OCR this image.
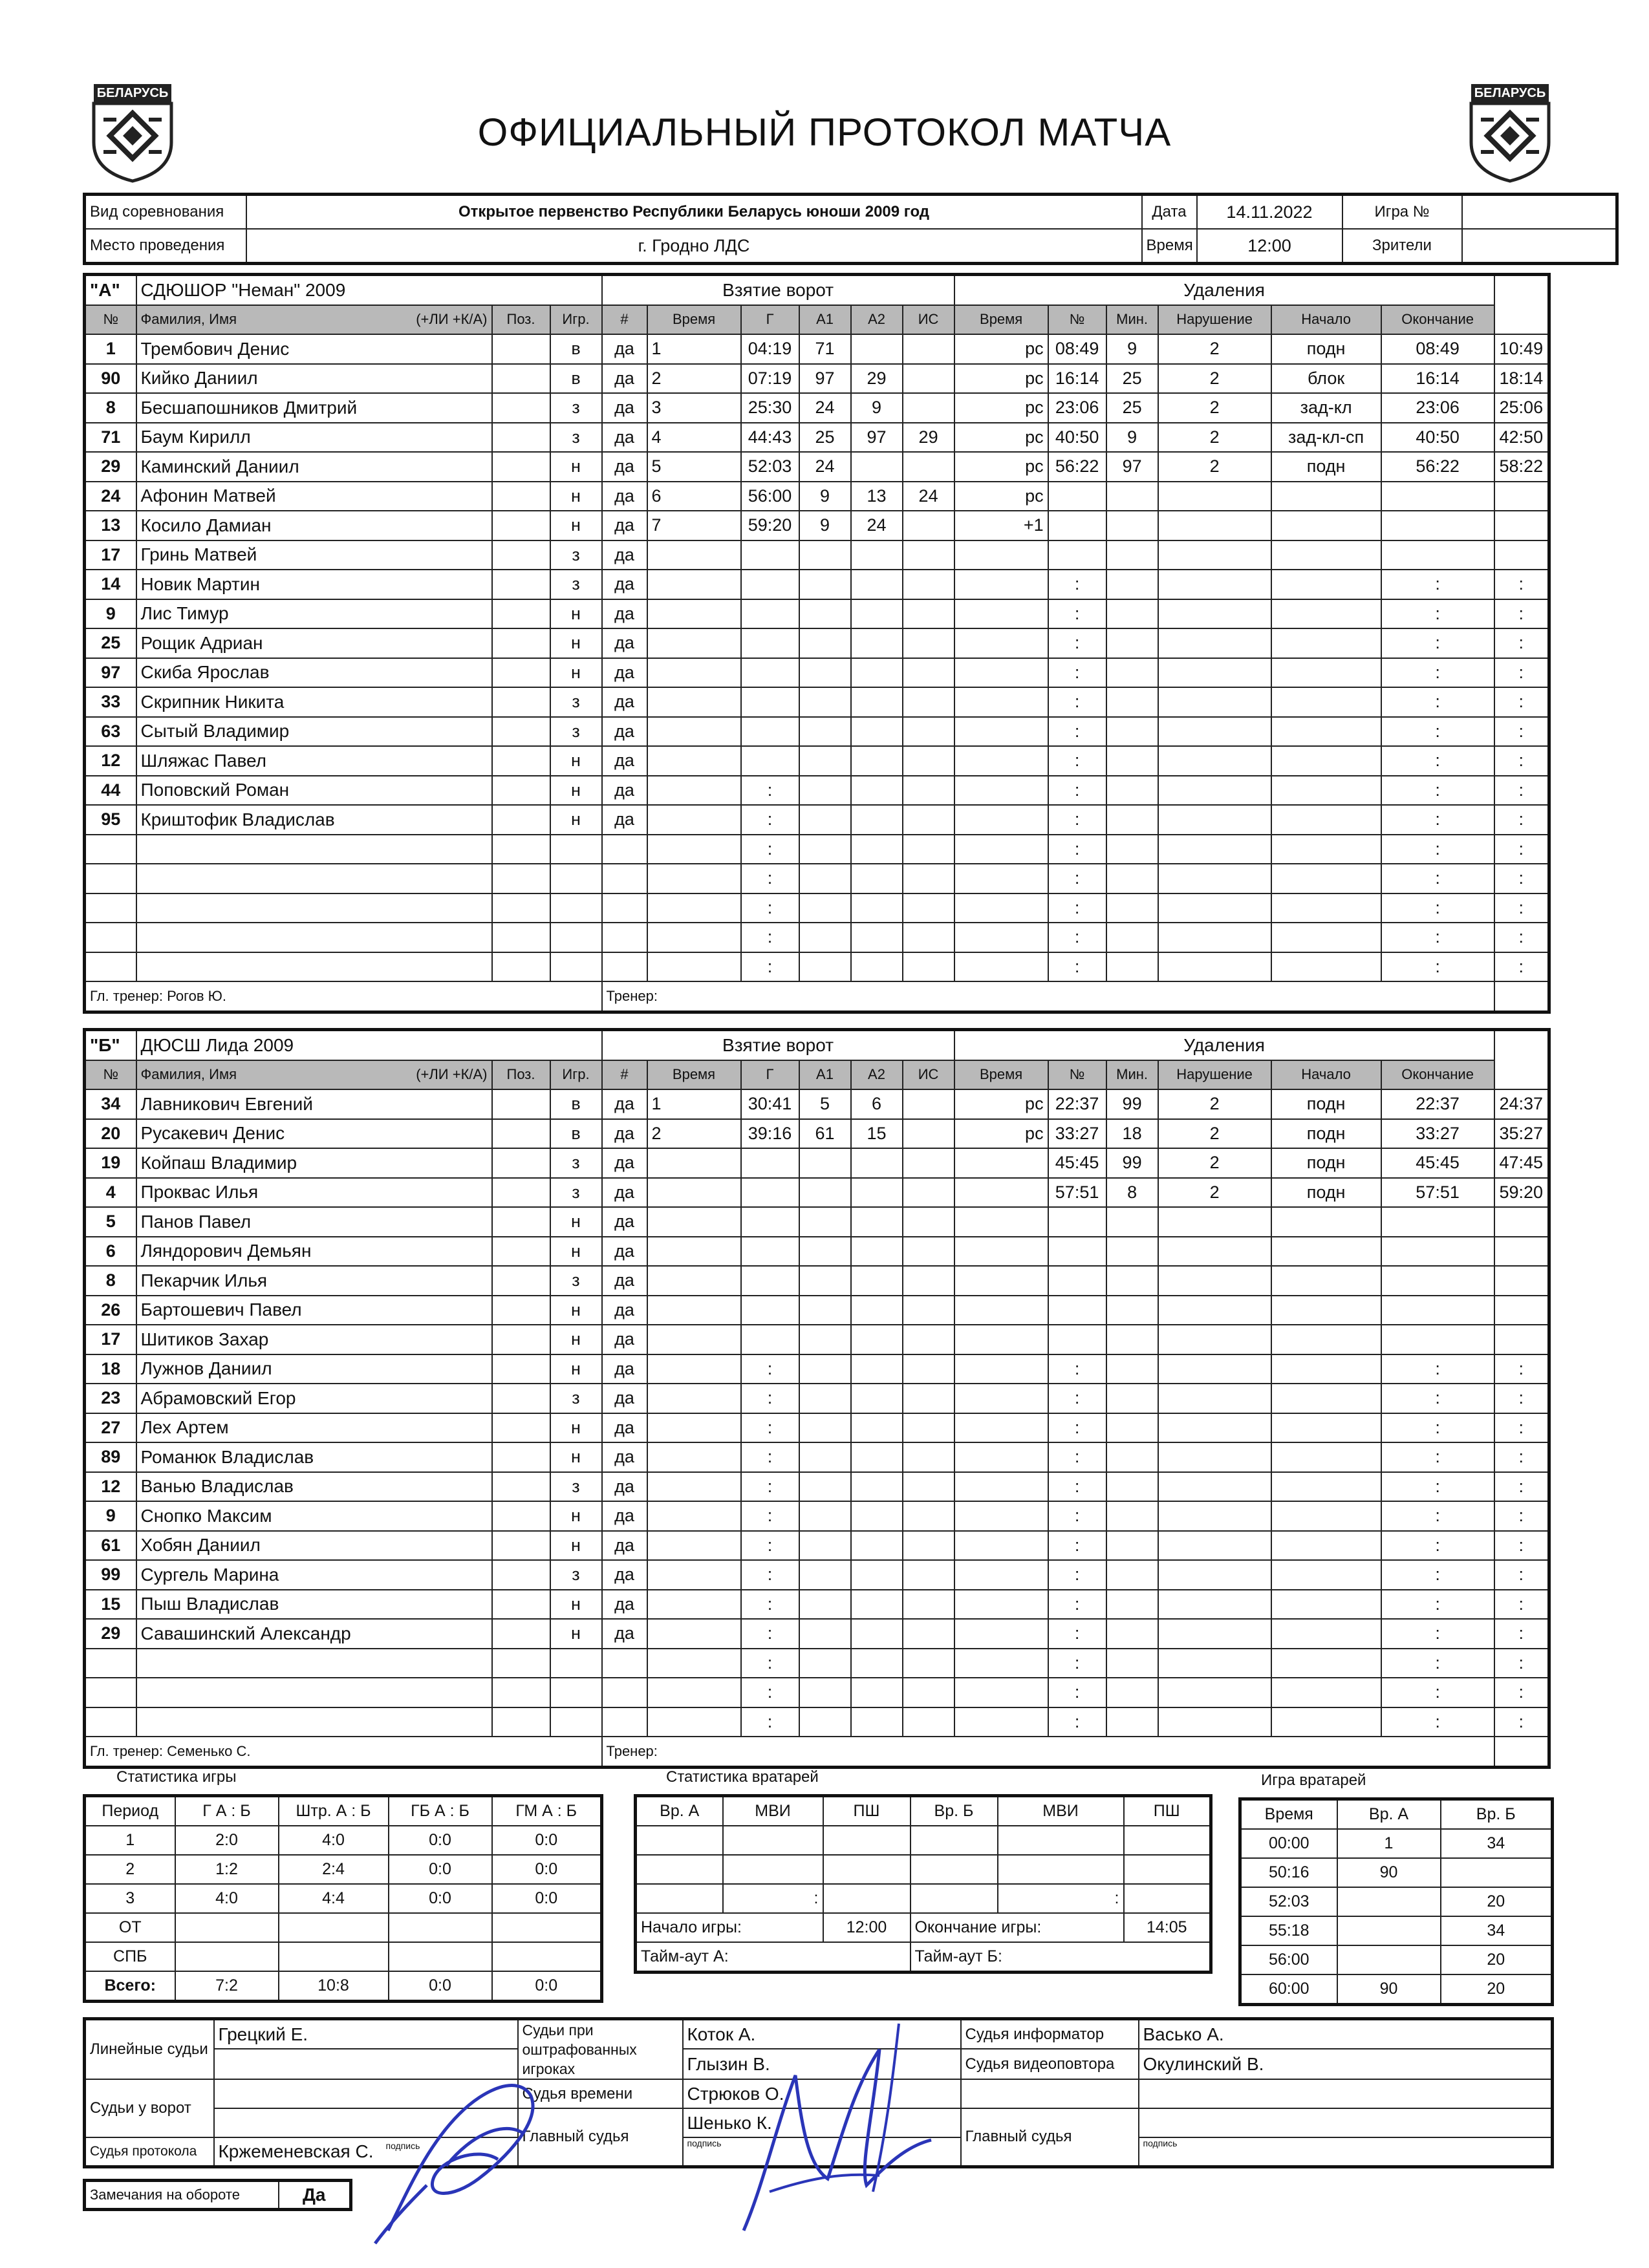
БЕЛАРУСЬ	БЕЛАРУСЬ
ОФИЦИАЛЬНЫЙ ПРОТОКОЛ МАТЧА
Вид соревнования	Открытое первенство Республики Беларусь юноши 2009 год	Дата	14.11.2022	Игра №	
Место проведения	г. Гродно ЛДС	Время	12:00	Зрители	
"А"	СДЮШОР "Неман" 2009			Взятие ворот						Удаления						
№	Фамилия, Имя (+ЛИ +К/А)	Поз.	Игр.	#	Время	Г	А1	А2	ИС	Время	№	Мин.	Нарушение	Начало	Окончание	
1	Трембович Денис		в	да	1	04:19	71			рс	08:49	9	2	подн	08:49	10:49
90	Кийко Даниил		в	да	2	07:19	97	29		рс	16:14	25	2	блок	16:14	18:14
8	Бесшапошников Дмитрий		з	да	3	25:30	24	9		рс	23:06	25	2	зад-кл	23:06	25:06
71	Баум Кирилл		з	да	4	44:43	25	97	29	рс	40:50	9	2	зад-кл-сп	40:50	42:50
29	Каминский Даниил		н	да	5	52:03	24			рс	56:22	97	2	подн	56:22	58:22
24	Афонин Матвей		н	да	6	56:00	9	13	24	рс						
13	Косило Дамиан		н	да	7	59:20	9	24		+1						
17	Гринь Матвей		з	да												
14	Новик Мартин		з	да							:				:	:
9	Лис Тимур		н	да							:				:	:
25	Рощик Адриан		н	да							:				:	:
97	Скиба Ярослав		н	да							:				:	:
33	Скрипник Никита		з	да							:				:	:
63	Сытый Владимир		з	да							:				:	:
12	Шляжас Павел		н	да							:				:	:
44	Поповский Роман		н	да		:					:				:	:
95	Криштофик Владислав		н	да		:					:				:	:
						:					:				:	:
						:					:				:	:
						:					:				:	:
						:					:				:	:
						:					:				:	:
Гл. тренер: Рогов Ю.				Тренер:												
"Б"	ДЮСШ Лида 2009			Взятие ворот						Удаления						
№	Фамилия, Имя (+ЛИ +К/А)	Поз.	Игр.	#	Время	Г	А1	А2	ИС	Время	№	Мин.	Нарушение	Начало	Окончание	
34	Лавникович Евгений		в	да	1	30:41	5	6		рс	22:37	99	2	подн	22:37	24:37
20	Русакевич Денис		в	да	2	39:16	61	15		рс	33:27	18	2	подн	33:27	35:27
19	Койпаш Владимир		з	да							45:45	99	2	подн	45:45	47:45
4	Проквас Илья		з	да							57:51	8	2	подн	57:51	59:20
5	Панов Павел		н	да												
6	Ляндорович Демьян		н	да												
8	Пекарчик Илья		з	да												
26	Бартошевич Павел		н	да												
17	Шитиков Захар		н	да												
18	Лужнов Даниил		н	да		:					:				:	:
23	Абрамовский Егор		з	да		:					:				:	:
27	Лех Артем		н	да		:					:				:	:
89	Романюк Владислав		н	да		:					:				:	:
12	Ванью Владислав		з	да		:					:				:	:
9	Снопко Максим		н	да		:					:				:	:
61	Хобян Даниил		н	да		:					:				:	:
99	Сургель Марина		з	да		:					:				:	:
15	Пыш Владислав		н	да		:					:				:	:
29	Савашинский Александр		н	да		:					:				:	:
						:					:				:	:
						:					:				:	:
						:					:				:	:
Гл. тренер: Семенько С.				Тренер:												
Статистика игры	Статистика вратарей	Игра вратарей
Период	Г А : Б	Штр. А : Б	ГБ А : Б	ГМ А : Б
1	2:0	4:0	0:0	0:0
2	1:2	2:4	0:0	0:0
3	4:0	4:4	0:0	0:0
ОТ				
СПБ				
Всего:	7:2	10:8	0:0	0:0
Вр. А	МВИ	ПШ	Вр. Б	МВИ	ПШ

	:			:	
Начало игры:		12:00	Окончание игры:		14:05
Тайм-аут А:			Тайм-аут Б:		
Время	Вр. А	Вр. Б
00:00	1	34
50:16	90	
52:03		20
55:18		34
56:00		20
60:00	90	20
Линейные судьи	Грецкий Е.	Судьи при оштрафованных игроках	Коток А.	Судья информатор	Васько А.
			Глызин В.	Судья видеоповтора	Окулинский В.
Судьи у ворот		Судья времени	Стрюков О.		
		Главный судья	Шенько К.	Главный судья	
Судья протокола	Кржеменевская С. подпись		подпись		подпись
Замечания на обороте	Да
